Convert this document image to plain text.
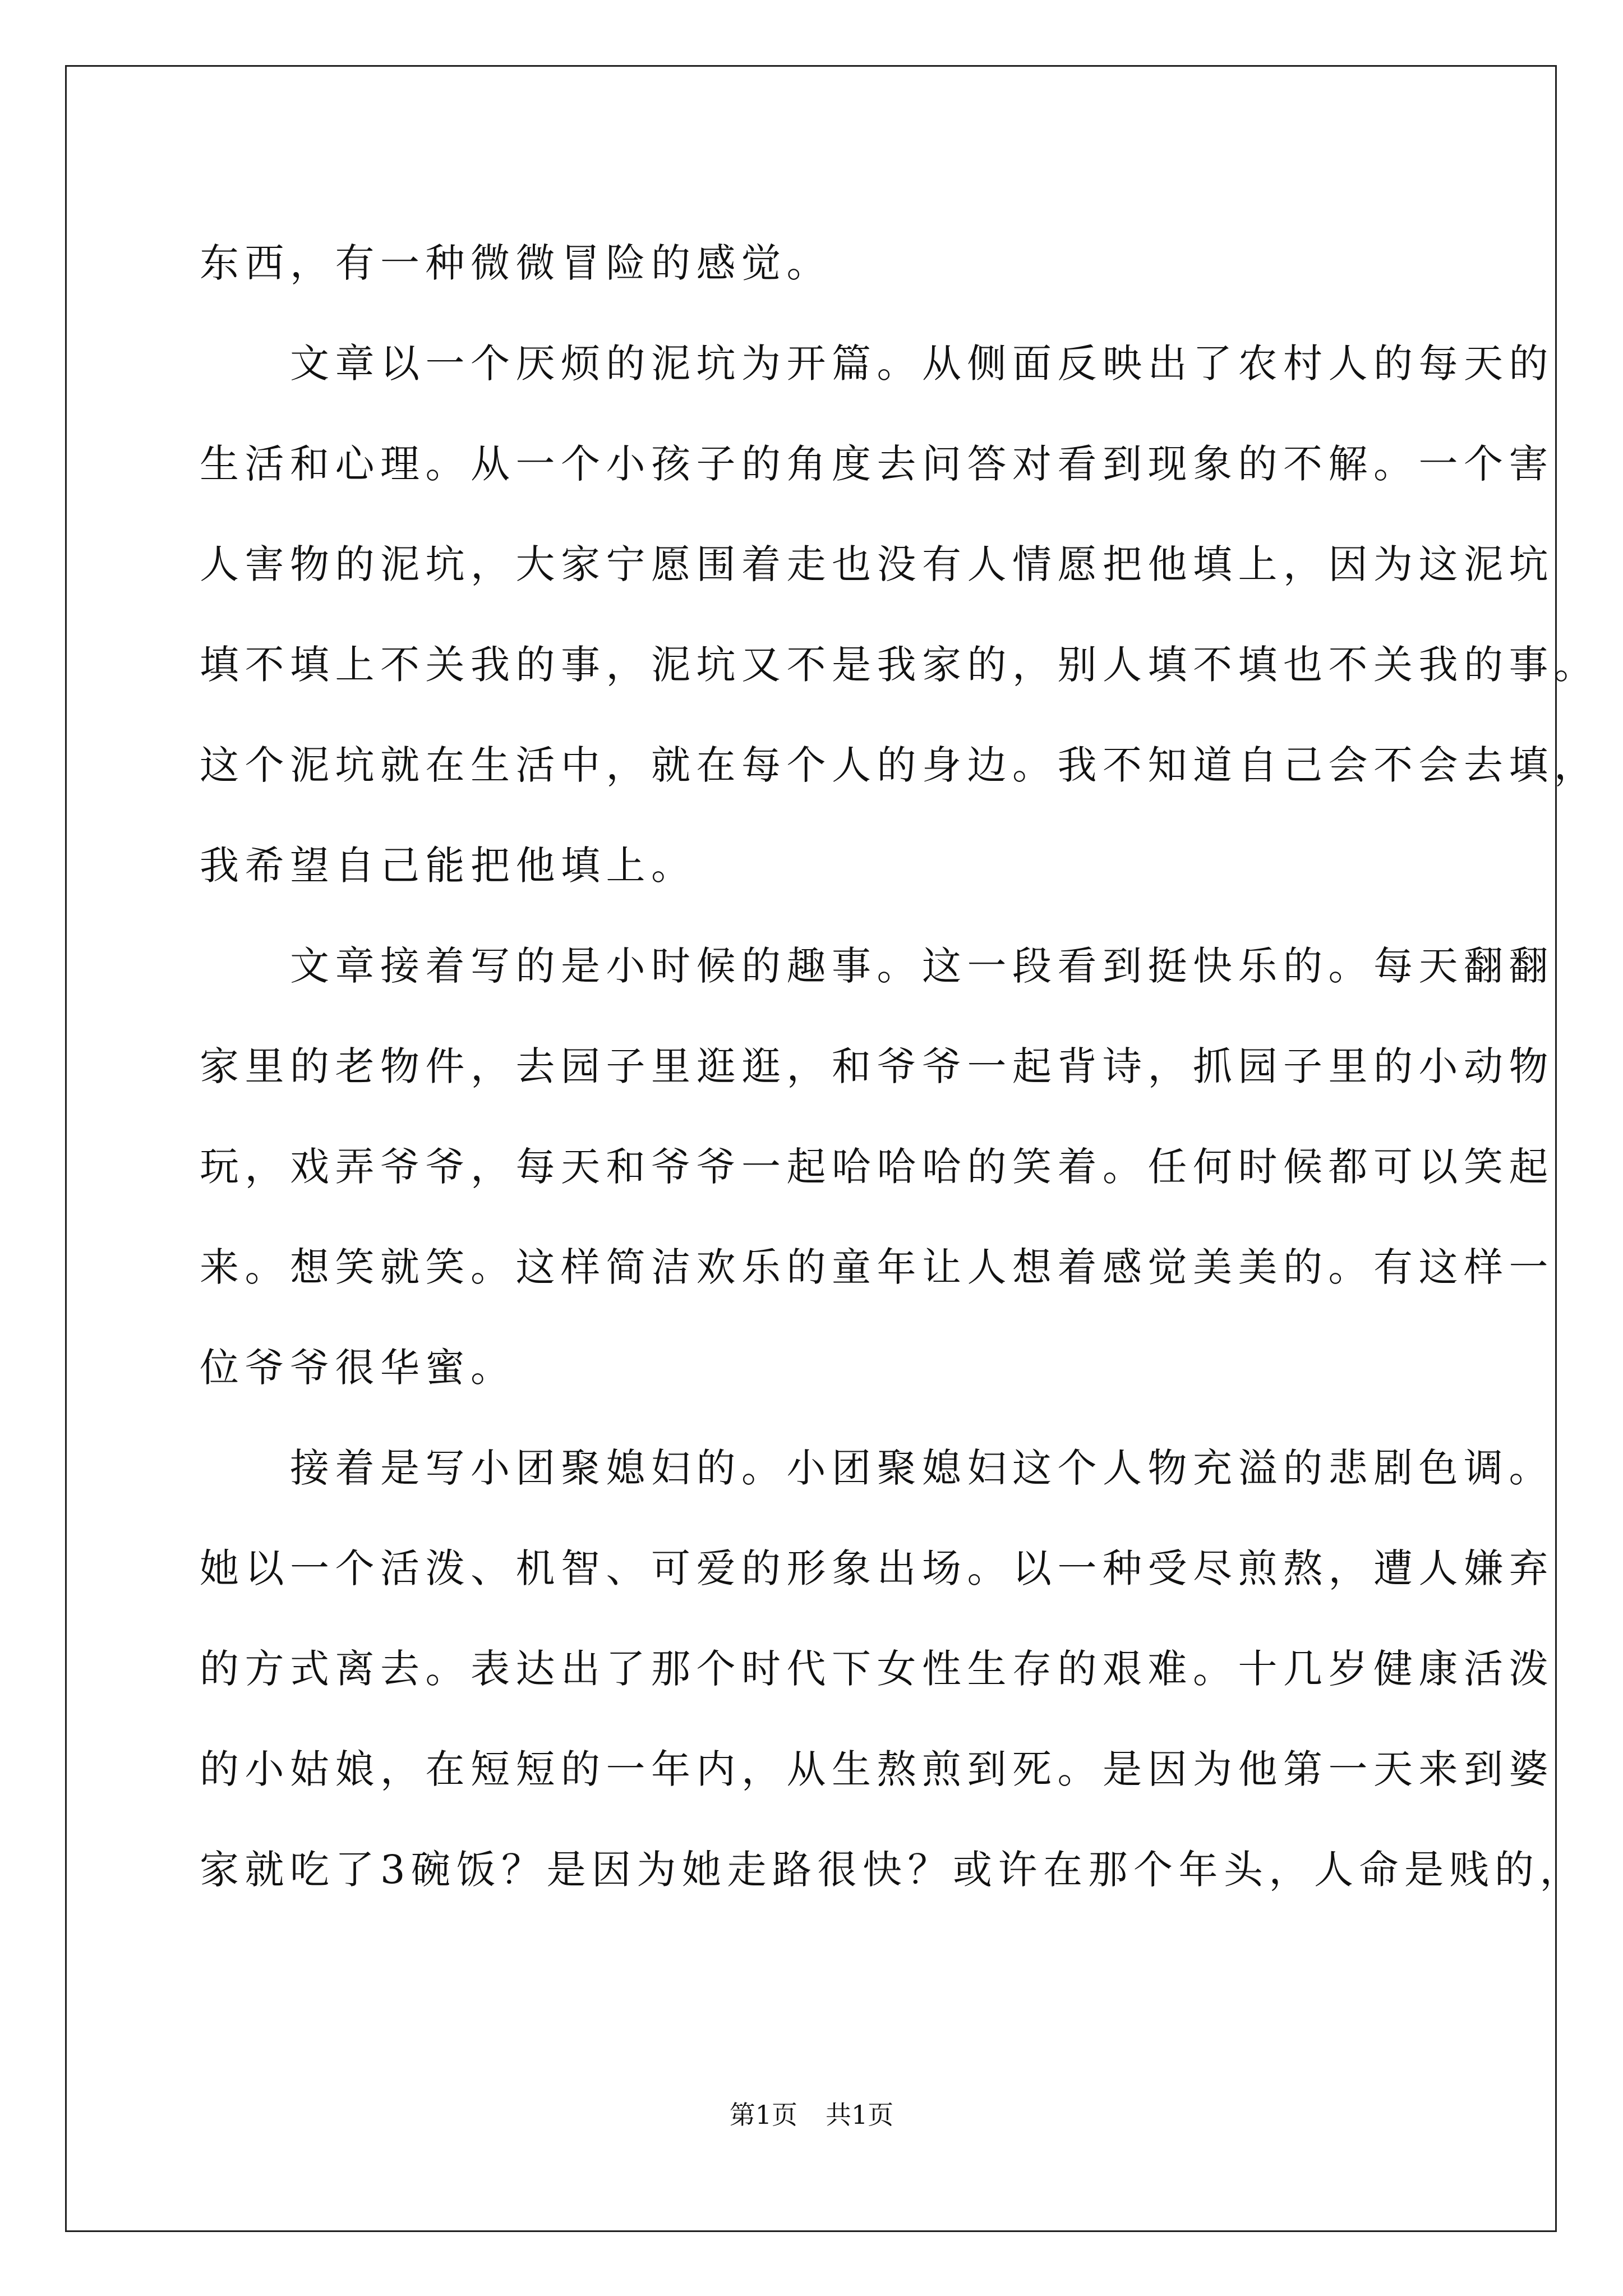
东西，有一种微微冒险的感觉。
　　文章以一个厌烦的泥坑为开篇。从侧面反映出了农村人的每天的
生活和心理。从一个小孩子的角度去问答对看到现象的不解。一个害
人害物的泥坑，大家宁愿围着走也没有人情愿把他填上，因为这泥坑
填不填上不关我的事，泥坑又不是我家的，别人填不填也不关我的事。
这个泥坑就在生活中，就在每个人的身边。我不知道自己会不会去填，
我希望自己能把他填上。
　　文章接着写的是小时候的趣事。这一段看到挺快乐的。每天翻翻
家里的老物件，去园子里逛逛，和爷爷一起背诗，抓园子里的小动物
玩，戏弄爷爷，每天和爷爷一起哈哈哈的笑着。任何时候都可以笑起
来。想笑就笑。这样简洁欢乐的童年让人想着感觉美美的。有这样一
位爷爷很华蜜。
　　接着是写小团聚媳妇的。小团聚媳妇这个人物充溢的悲剧色调。
她以一个活泼、机智、可爱的形象出场。以一种受尽煎熬，遭人嫌弃
的方式离去。表达出了那个时代下女性生存的艰难。十几岁健康活泼
的小姑娘，在短短的一年内，从生熬煎到死。是因为他第一天来到婆
家就吃了3碗饭？是因为她走路很快？或许在那个年头，人命是贱的，
第1页 共1页
